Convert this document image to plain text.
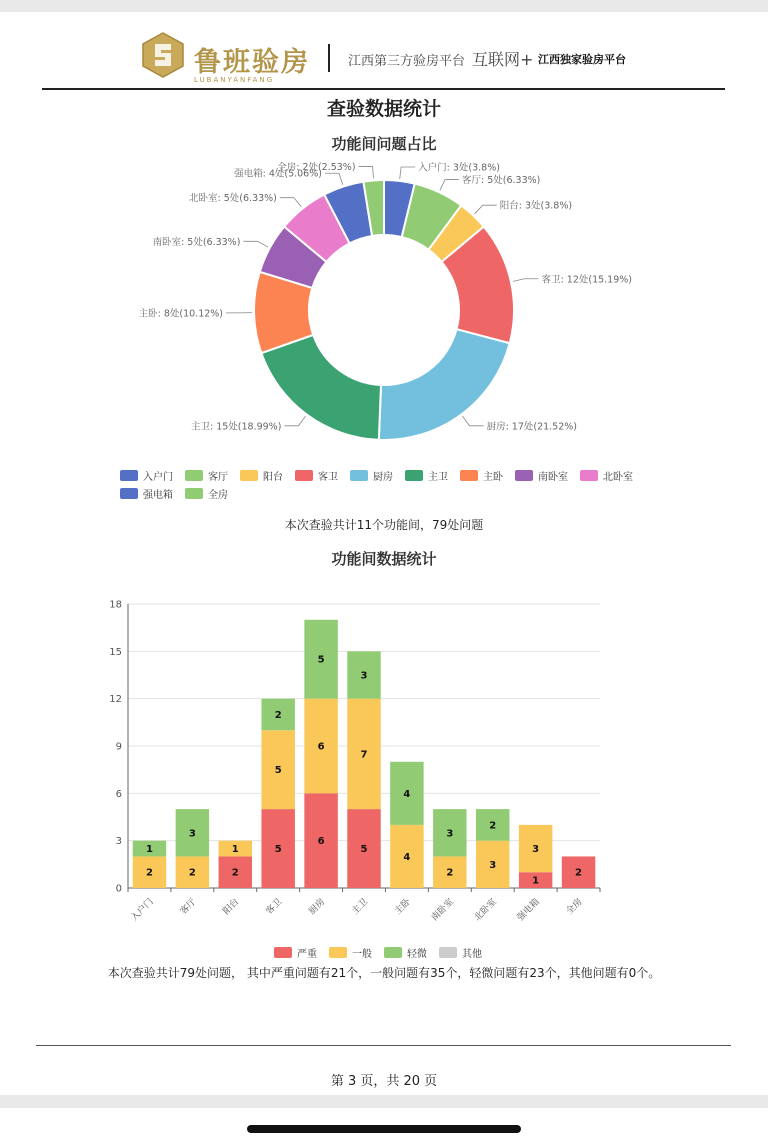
鲁班验房
LUBANYANFANG
江西第三方验房平台 互联网+ 江西独家验房平台
查验数据统计
功能间问题占比
入户门: 3处(3.8%)
客厅: 5处(6.33%)
阳台: 3处(3.8%)
客卫: 12处(15.19%)
厨房: 17处(21.52%)
主卫: 15处(18.99%)
主卧: 8处(10.12%)
南卧室: 5处(6.33%)
北卧室: 5处(6.33%)
强电箱: 4处(5.06%)
全房: 2处(2.53%)
入户门	客厅	阳台	客卫	厨房	主卫	主卧	南卧室	北卧室
强电箱	全房
本次查验共计11个功能间，79处问题
功能间数据统计
0
3
6
9
12
15
18
2
1
入户门
2
3
客厅
2
1
阳台
5
5
2
客卫
6
6
5
厨房
5
7
3
主卫
4
4
主卧
2
3
南卧室
3
2
北卧室
1
3
强电箱
2
全房
严重	一般	轻微	其他
本次查验共计79处问题， 其中严重问题有21个，一般问题有35个，轻微问题有23个，其他问题有0个。
第 3 页，共 20 页
